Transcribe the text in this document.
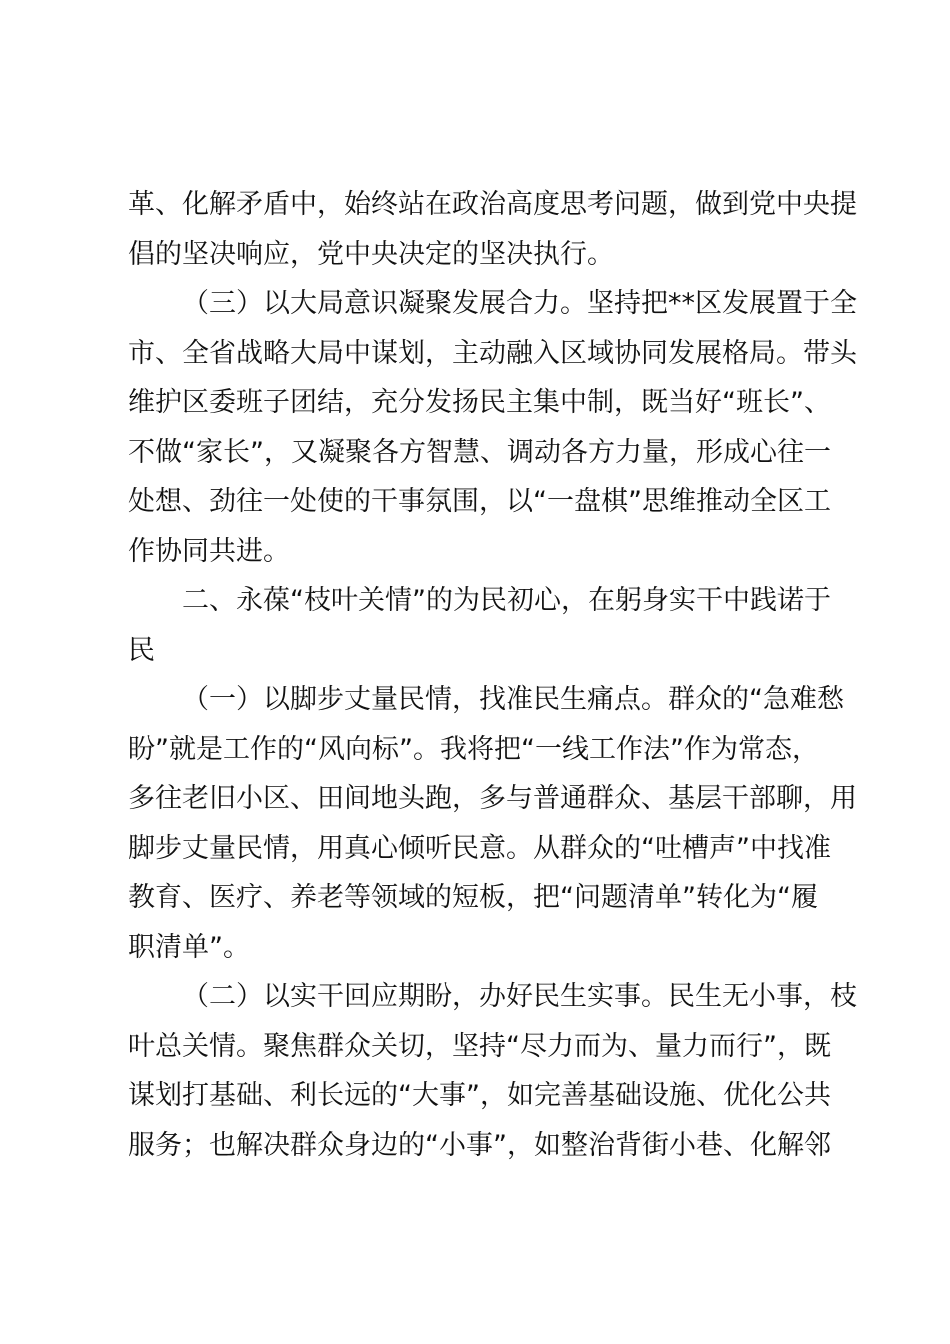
革、化解矛盾中，始终站在政治高度思考问题，做到党中央提
倡的坚决响应，党中央决定的坚决执行。
（三）以大局意识凝聚发展合力。坚持把**区发展置于全
市、全省战略大局中谋划，主动融入区域协同发展格局。带头
维护区委班子团结，充分发扬民主集中制，既当好“班长”、
不做“家长”，又凝聚各方智慧、调动各方力量，形成心往一
处想、劲往一处使的干事氛围，以“一盘棋”思维推动全区工
作协同共进。
二、永葆“枝叶关情”的为民初心，在躬身实干中践诺于
民
（一）以脚步丈量民情，找准民生痛点。群众的“急难愁
盼”就是工作的“风向标”。我将把“一线工作法”作为常态，
多往老旧小区、田间地头跑，多与普通群众、基层干部聊，用
脚步丈量民情，用真心倾听民意。从群众的“吐槽声”中找准
教育、医疗、养老等领域的短板，把“问题清单”转化为“履
职清单”。
（二）以实干回应期盼，办好民生实事。民生无小事，枝
叶总关情。聚焦群众关切，坚持“尽力而为、量力而行”，既
谋划打基础、利长远的“大事”，如完善基础设施、优化公共
服务；也解决群众身边的“小事”，如整治背街小巷、化解邻
